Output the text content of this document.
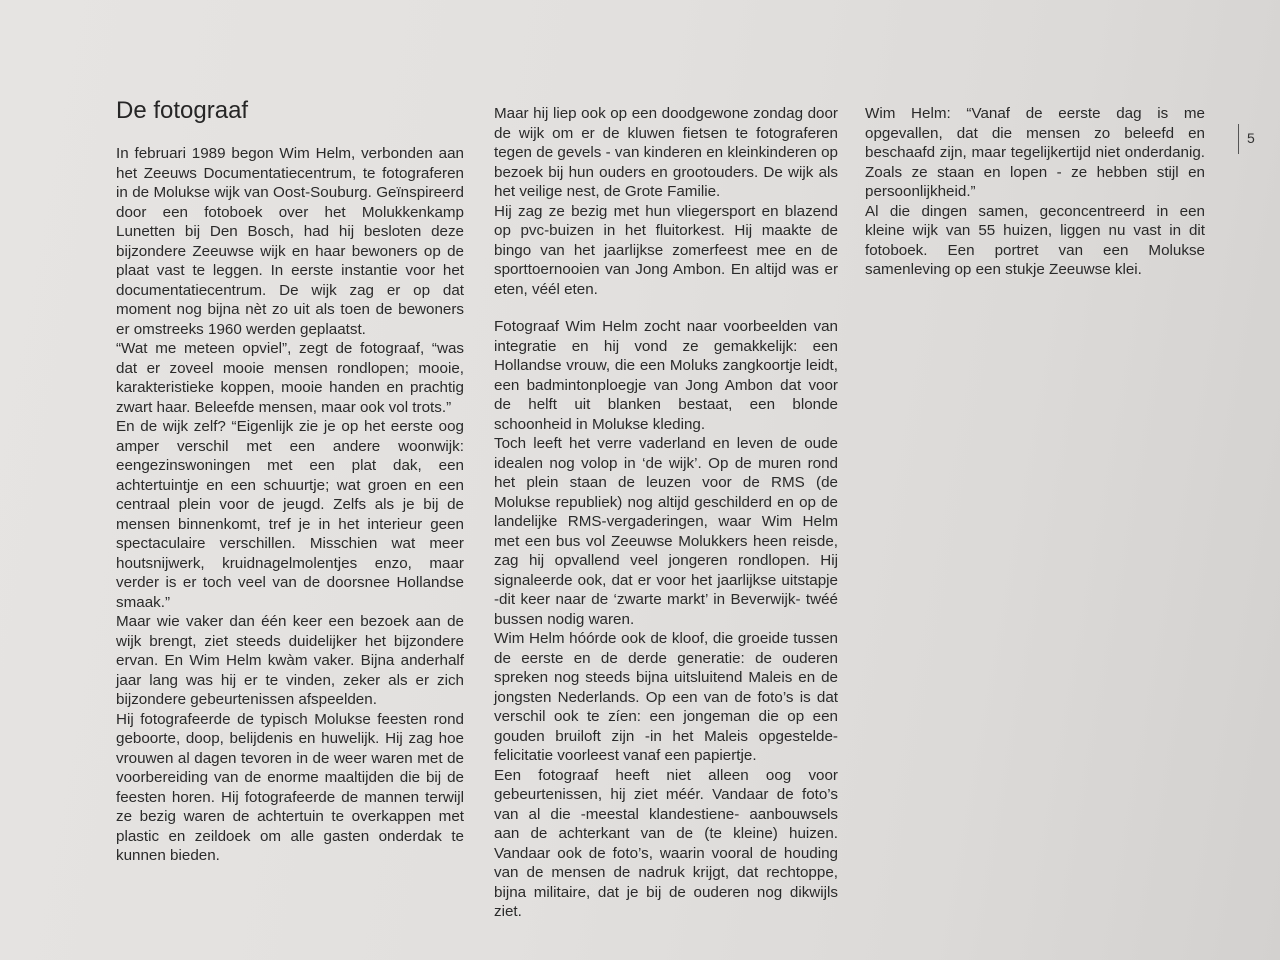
De fotograaf

In februari 1989 begon Wim Helm, verbonden aan het Zeeuws Documentatiecentrum, te fotograferen in de Molukse wijk van Oost-Souburg. Geïnspireerd door een fotoboek over het Molukkenkamp Lunetten bij Den Bosch, had hij besloten deze bijzondere Zeeuwse wijk en haar bewoners op de plaat vast te leggen. In eerste instantie voor het documentatiecentrum. De wijk zag er op dat moment nog bijna nèt zo uit als toen de bewoners er omstreeks 1960 werden geplaatst.

“Wat me meteen opviel”, zegt de fotograaf, “was dat er zoveel mooie mensen rondlopen; mooie, karakteristieke koppen, mooie handen en prachtig zwart haar. Beleefde mensen, maar ook vol trots.”

En de wijk zelf? “Eigenlijk zie je op het eerste oog amper verschil met een andere woonwijk: eengezinswoningen met een plat dak, een achtertuintje en een schuurtje; wat groen en een centraal plein voor de jeugd. Zelfs als je bij de mensen binnenkomt, tref je in het interieur geen spectaculaire verschillen. Misschien wat meer houtsnijwerk, kruidnagelmolentjes enzo, maar verder is er toch veel van de doorsnee Hollandse smaak.”

Maar wie vaker dan één keer een bezoek aan de wijk brengt, ziet steeds duidelijker het bijzondere ervan. En Wim Helm kwàm vaker. Bijna anderhalf jaar lang was hij er te vinden, zeker als er zich bijzondere gebeurtenissen afspeelden.

Hij fotografeerde de typisch Molukse feesten rond geboorte, doop, belijdenis en huwelijk. Hij zag hoe vrouwen al dagen tevoren in de weer waren met de voorbereiding van de enorme maaltijden die bij de feesten horen. Hij fotografeerde de mannen terwijl ze bezig waren de achtertuin te overkappen met plastic en zeildoek om alle gasten onderdak te kunnen bieden.

Maar hij liep ook op een doodgewone zondag door de wijk om er de kluwen fietsen te fotograferen tegen de gevels - van kinderen en kleinkinderen op bezoek bij hun ouders en grootouders. De wijk als het veilige nest, de Grote Familie.

Hij zag ze bezig met hun vliegersport en blazend op pvc-buizen in het fluitorkest. Hij maakte de bingo van het jaarlijkse zomerfeest mee en de sporttoernooien van Jong Ambon. En altijd was er eten, véél eten.

Fotograaf Wim Helm zocht naar voorbeelden van integratie en hij vond ze gemakkelijk: een Hollandse vrouw, die een Moluks zangkoortje leidt, een badmintonploegje van Jong Ambon dat voor de helft uit blanken bestaat, een blonde schoonheid in Molukse kleding.

Toch leeft het verre vaderland en leven de oude idealen nog volop in ‘de wijk’. Op de muren rond het plein staan de leuzen voor de RMS (de Molukse republiek) nog altijd geschilderd en op de landelijke RMS-vergaderingen, waar Wim Helm met een bus vol Zeeuwse Molukkers heen reisde, zag hij opvallend veel jongeren rondlopen. Hij signaleerde ook, dat er voor het jaarlijkse uitstapje -dit keer naar de ‘zwarte markt’ in Beverwijk- twéé bussen nodig waren.

Wim Helm hóórde ook de kloof, die groeide tussen de eerste en de derde generatie: de ouderen spreken nog steeds bijna uitsluitend Maleis en de jongsten Nederlands. Op een van de foto’s is dat verschil ook te zíen: een jongeman die op een gouden bruiloft zijn -in het Maleis opgestelde- felicitatie voorleest vanaf een papiertje.

Een fotograaf heeft niet alleen oog voor gebeurtenissen, hij ziet méér. Vandaar de foto’s van al die -meestal klandestiene- aanbouwsels aan de achterkant van de (te kleine) huizen. Vandaar ook de foto’s, waarin vooral de houding van de mensen de nadruk krijgt, dat rechtoppe, bijna militaire, dat je bij de ouderen nog dikwijls ziet.

Wim Helm: “Vanaf de eerste dag is me opgevallen, dat die mensen zo beleefd en beschaafd zijn, maar tegelijkertijd niet onderdanig. Zoals ze staan en lopen - ze hebben stijl en persoonlijkheid.”

Al die dingen samen, geconcentreerd in een kleine wijk van 55 huizen, liggen nu vast in dit fotoboek. Een portret van een Molukse samenleving op een stukje Zeeuwse klei.

5
